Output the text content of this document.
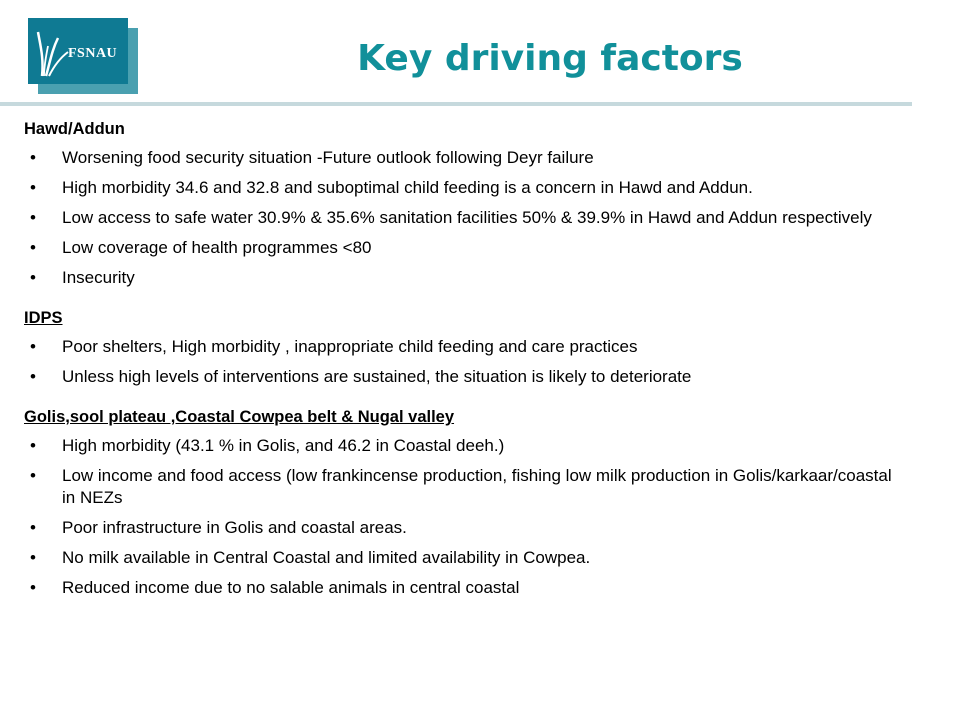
FSNAU	Key driving factors
Hawd/Addun
• Worsening food security situation -Future outlook following Deyr failure
• High morbidity 34.6 and 32.8 and suboptimal child feeding is a concern in Hawd and Addun.
• Low access to safe water 30.9% & 35.6% sanitation facilities 50% & 39.9% in Hawd and Addun respectively
• Low coverage of health programmes <80
• Insecurity
IDPS
• Poor shelters, High morbidity , inappropriate child feeding and care practices
• Unless high levels of interventions are sustained, the situation is likely to deteriorate
Golis,sool plateau ,Coastal Cowpea belt & Nugal valley
• High morbidity (43.1 % in Golis, and 46.2 in Coastal deeh.)
• Low income and food access (low frankincense production, fishing low milk production in Golis/karkaar/coastal in NEZs
• Poor infrastructure in Golis and coastal areas.
• No milk available in Central Coastal and limited availability in Cowpea.
• Reduced income due to no salable animals in central coastal
